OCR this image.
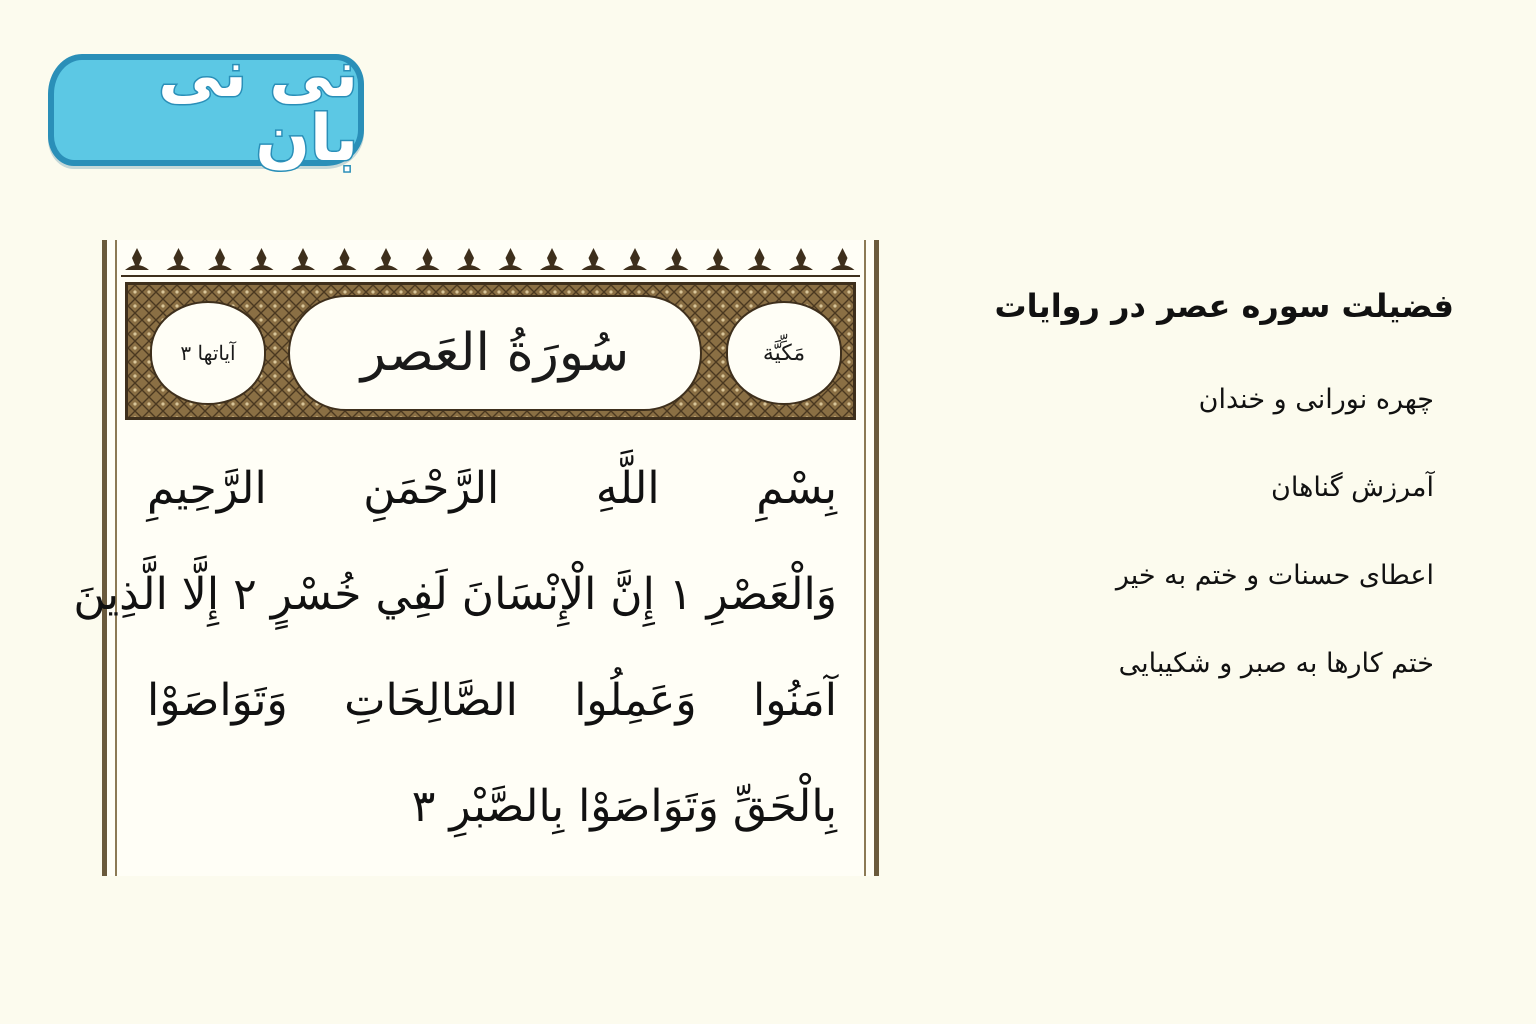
نی نی بان
آياتها ٣	سُورَةُ العَصر	مَكِّيَّة
بِسْمِ اللَّهِ الرَّحْمَنِ الرَّحِيمِ
وَالْعَصْرِ ١ إِنَّ الْإِنْسَانَ لَفِي خُسْرٍ ٢ إِلَّا الَّذِينَ
آمَنُوا وَعَمِلُوا الصَّالِحَاتِ وَتَوَاصَوْا
بِالْحَقِّ وَتَوَاصَوْا بِالصَّبْرِ ٣
فضیلت سوره عصر در روایات
چهره نورانی و خندان
آمرزش گناهان
اعطای حسنات و ختم به خیر
ختم کارها به صبر و شکیبایی
